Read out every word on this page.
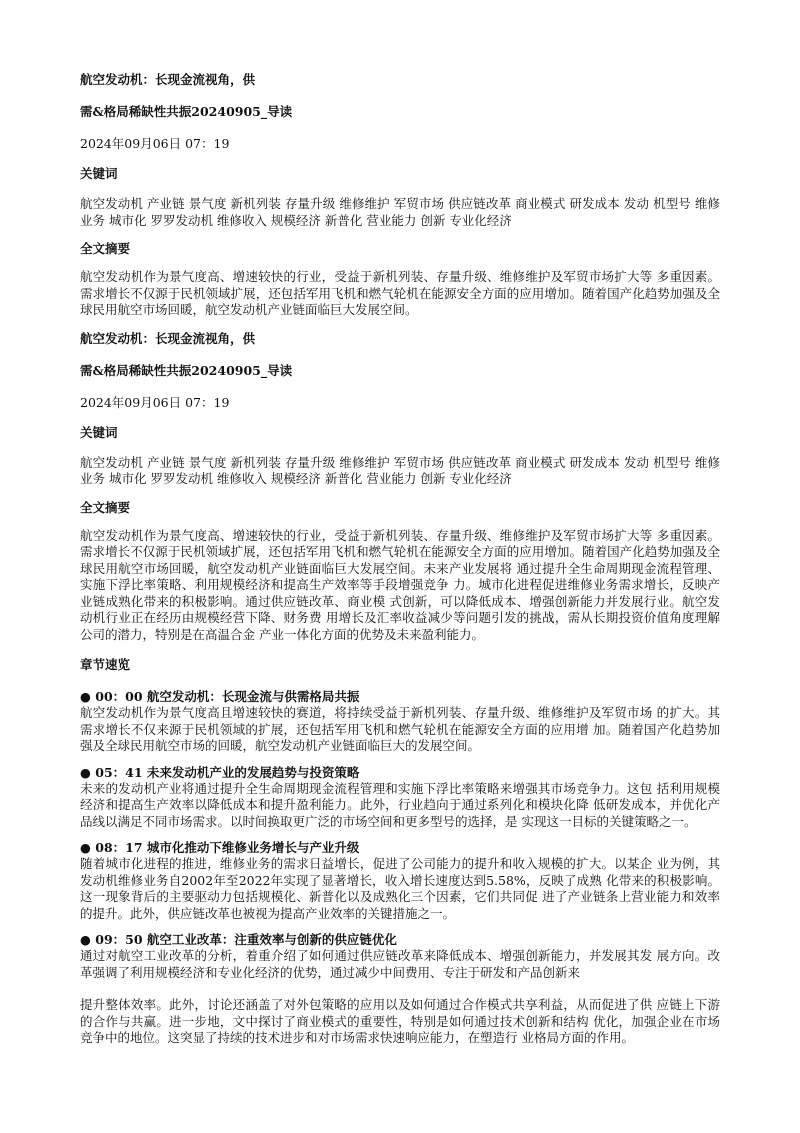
航空发动机：长现金流视角，供
需&格局稀缺性共振20240905_导读
2024年09月06日 07：19
关键词

航空发动机 产业链 景气度 新机列装 存量升级 维修维护 军贸市场 供应链改革 商业模式 研发成本 发动 机型号 维修业务 城市化 罗罗发动机 维修收入 规模经济 新普化 营业能力 创新 专业化经济

全文摘要

航空发动机作为景气度高、增速较快的行业，受益于新机列装、存量升级、维修维护及军贸市场扩大等 多重因素。需求增长不仅源于民机领域扩展，还包括军用飞机和燃气轮机在能源安全方面的应用增加。随着国产化趋势加强及全球民用航空市场回暖，航空发动机产业链面临巨大发展空间。

航空发动机：长现金流视角，供
需&格局稀缺性共振20240905_导读
2024年09月06日 07：19
关键词

航空发动机 产业链 景气度 新机列装 存量升级 维修维护 军贸市场 供应链改革 商业模式 研发成本 发动 机型号 维修业务 城市化 罗罗发动机 维修收入 规模经济 新普化 营业能力 创新 专业化经济

全文摘要

航空发动机作为景气度高、增速较快的行业，受益于新机列装、存量升级、维修维护及军贸市场扩大等 多重因素。需求增长不仅源于民机领域扩展，还包括军用飞机和燃气轮机在能源安全方面的应用增加。随着国产化趋势加强及全球民用航空市场回暖，航空发动机产业链面临巨大发展空间。未来产业发展将 通过提升全生命周期现金流程管理、实施下浮比率策略、利用规模经济和提高生产效率等手段增强竞争 力。城市化进程促进维修业务需求增长，反映产业链成熟化带来的积极影响。通过供应链改革、商业模 式创新，可以降低成本、增强创新能力并发展行业。航空发动机行业正在经历由规模经营下降、财务费 用增长及汇率收益减少等问题引发的挑战，需从长期投资价值角度理解公司的潜力，特别是在高温合金 产业一体化方面的优势及未来盈利能力。

章节速览
● 00：00 航空发动机：长现金流与供需格局共振

航空发动机作为景气度高且增速较快的赛道，将持续受益于新机列装、存量升级、维修维护及军贸市场 的扩大。其需求增长不仅来源于民机领域的扩展，还包括军用飞机和燃气轮机在能源安全方面的应用增 加。随着国产化趋势加强及全球民用航空市场的回暖，航空发动机产业链面临巨大的发展空间。

● 05：41 未来发动机产业的发展趋势与投资策略

未来的发动机产业将通过提升全生命周期现金流程管理和实施下浮比率策略来增强其市场竞争力。这包 括利用规模经济和提高生产效率以降低成本和提升盈利能力。此外，行业趋向于通过系列化和模块化降 低研发成本，并优化产品线以满足不同市场需求。以时间换取更广泛的市场空间和更多型号的选择，是 实现这一目标的关键策略之一。

● 08：17 城市化推动下维修业务增长与产业升级

随着城市化进程的推进，维修业务的需求日益增长，促进了公司能力的提升和收入规模的扩大。以某企 业为例，其发动机维修业务自2002年至2022年实现了显著增长，收入增长速度达到5.58%，反映了成熟 化带来的积极影响。这一现象背后的主要驱动力包括规模化、新普化以及成熟化三个因素，它们共同促 进了产业链条上营业能力和效率的提升。此外，供应链改革也被视为提高产业效率的关键措施之一。

● 09：50 航空工业改革：注重效率与创新的供应链优化

通过对航空工业改革的分析，着重介绍了如何通过供应链改革来降低成本、增强创新能力，并发展其发 展方向。改革强调了利用规模经济和专业化经济的优势，通过减少中间费用、专注于研发和产品创新来

提升整体效率。此外，讨论还涵盖了对外包策略的应用以及如何通过合作模式共享利益，从而促进了供 应链上下游的合作与共赢。进一步地，文中探讨了商业模式的重要性，特别是如何通过技术创新和结构 优化，加强企业在市场竞争中的地位。这突显了持续的技术进步和对市场需求快速响应能力，在塑造行 业格局方面的作用。
